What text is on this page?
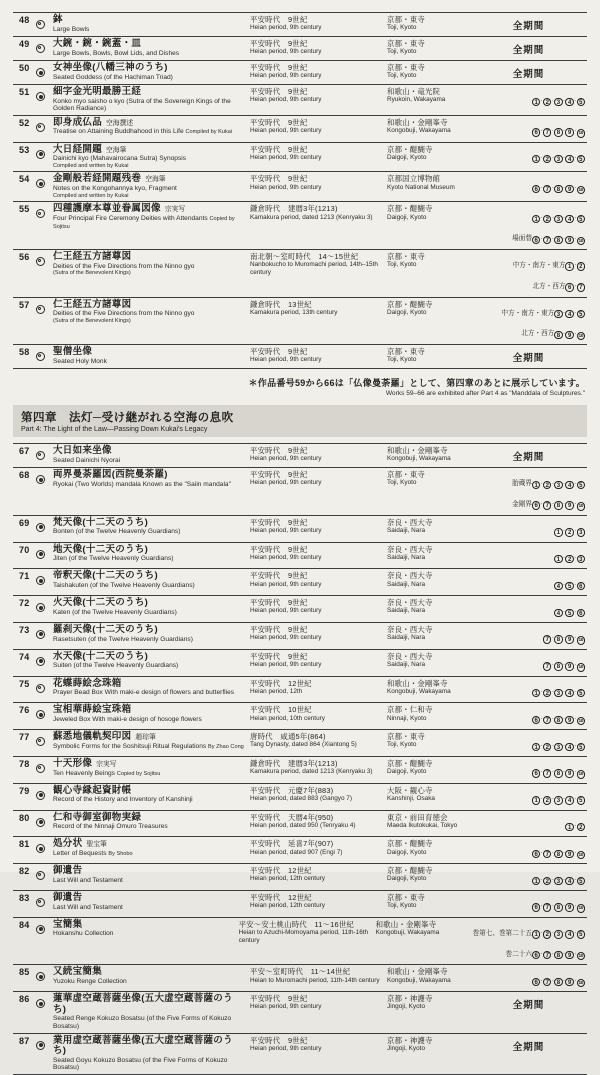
48	鉢
Large Bowls
平安時代　9世紀
Heian period, 9th century
京都・東寺
Toji, Kyoto	全期間
49	大鋺・鋺・鋺蓋・皿
Large Bowls, Bowls, Bowl Lids, and Dishes
平安時代　9世紀
Heian period, 9th century
京都・東寺
Toji, Kyoto	全期間
50	女神坐像(八幡三神のうち)
Seated Goddess (of the Hachiman Triad)
平安時代　9世紀
Heian period, 9th century
京都・東寺
Toji, Kyoto	全期間
51	細字金光明最勝王経
Konko myo saisho o kyo (Sutra of the Sovereign Kings of the Golden Radiance)
平安時代　9世紀
Heian period, 9th century
和歌山・竜光院
Ryukoin, Wakayama	1 · 2 · 3 · 4 · 5
52	即身成仏品 空海撰述
Treatise on Attaining Buddhahood in this Life Compiled by Kukai
平安時代　9世紀
Heian period, 9th century
和歌山・金剛峯寺
Kongobuji, Wakayama	6 · 7 · 8 · 9 · 10
53	大日経開題 空海筆
Dainichi kyo (Mahavairocana Sutra) Synopsis
Compiled and written by Kukai
平安時代　9世紀
Heian period, 9th century
京都・醍醐寺
Daigoji, Kyoto	1 · 2 · 3 · 4 · 5
54	金剛般若経開題残巻 空海筆
Notes on the Kongohannya kyo, Fragment
Compiled and written by Kukai
平安時代　9世紀
Heian period, 9th century
京都国立博物館
Kyoto National Museum	6 · 7 · 8 · 9 · 10
55	四種護摩本尊並眷属図像 宗実写
Four Principal Fire Ceremony Deities with Attendants Copied by Sojitsu
鎌倉時代　建暦3年(1213)
Kamakura period, dated 1213 (Kenryaku 3)
京都・醍醐寺
Daigoji, Kyoto	1 · 2 · 3 · 4 · 5
場面替 6 · 7 · 8 · 9 · 10
56	仁王経五方諸尊図
Deities of the Five Directions from the Ninno gyo
(Sutra of the Benevolent Kings)
南北朝～室町時代　14～15世紀
Nanbokucho to Muromachi period, 14th–15th century
京都・東寺
Toji, Kyoto	中方・南方・東方 1 · 2
北方・西方 6 · 7
57	仁王経五方諸尊図
Deities of the Five Directions from the Ninno gyo
(Sutra of the Benevolent Kings)
鎌倉時代　13世紀
Kamakura period, 13th century
京都・醍醐寺
Daigoji, Kyoto	中方・南方・東方 3 · 4 · 5
北方・西方 8 · 9 · 10
58	聖僧坐像
Seated Holy Monk
平安時代　9世紀
Heian period, 9th century
京都・東寺
Toji, Kyoto	全期間
＊作品番号59から66は「仏像曼荼羅」として、第四章のあとに展示しています。
Works 59–66 are exhibited after Part 4 as "Manddala of Sculptures."
第四章　法灯─受け継がれる空海の息吹
Part 4: The Light of the Law—Passing Down Kukai's Legacy
67	大日如来坐像
Seated Dainichi Nyorai
平安時代　9世紀
Heian period, 9th century
和歌山・金剛峯寺
Kongobuji, Wakayama	全期間
68	両界曼荼羅図(西院曼荼羅)
Ryokai (Two Worlds) mandala Known as the "Saiin mandala"
平安時代　9世紀
Heian period, 9th century
京都・東寺
Toji, Kyoto	胎蔵界 1 · 2 · 3 · 4 · 5
金剛界 6 · 7 · 8 · 9 · 10
69	梵天像(十二天のうち)
Bonten (of the Twelve Heavenly Guardians)
平安時代　9世紀
Heian period, 9th century
奈良・西大寺
Saidaiji, Nara	1 · 2 · 3
70	地天像(十二天のうち)
Jiten (of the Twelve Heavenly Guardians)
平安時代　9世紀
Heian period, 9th century
奈良・西大寺
Saidaiji, Nara	1 · 2 · 3
71	帝釈天像(十二天のうち)
Taishakuten (of the Twelve Heavenly Guardians)
平安時代　9世紀
Heian period, 9th century
奈良・西大寺
Saidaiji, Nara	4 · 5 · 6
72	火天像(十二天のうち)
Katen (of the Twelve Heavenly Guardians)
平安時代　9世紀
Heian period, 9th century
奈良・西大寺
Saidaiji, Nara	4 · 5 · 6
73	羅刹天像(十二天のうち)
Rasetsuten (of the Twelve Heavenly Guardians)
平安時代　9世紀
Heian period, 9th century
奈良・西大寺
Saidaiji, Nara	7 · 8 · 9 · 10
74	水天像(十二天のうち)
Suiten (of the Twelve Heavenly Guardians)
平安時代　9世紀
Heian period, 9th century
奈良・西大寺
Saidaiji, Nara	7 · 8 · 9 · 10
75	花蝶蒔絵念珠箱
Prayer Bead Box With maki-e design of flowers and butterflies
平安時代　12世紀
Heian period, 12th
和歌山・金剛峯寺
Kongobuji, Wakayama	1 · 2 · 3 · 4 · 5
76	宝相華蒔絵宝珠箱
Jeweled Box With maki-e design of hosoge flowers
平安時代　10世紀
Heian period, 10th century
京都・仁和寺
Ninnaji, Kyoto	6 · 7 · 8 · 9 · 10
77	蘇悉地儀軌契印図 趙琮筆
Symbolic Forms for the Soshitsuji Ritual Regulations By Zhao Cong
唐時代　咸通5年(864)
Tang Dynasty, dated 864 (Xiantong 5)
京都・東寺
Toji, Kyoto	1 · 2 · 3 · 4 · 5
78	十天形像 宗実写
Ten Heavenly Beings Copied by Sojitsu
鎌倉時代　建暦3年(1213)
Kamakura period, dated 1213 (Kenryaku 3)
京都・醍醐寺
Daigoji, Kyoto	6 · 7 · 8 · 9 · 10
79	観心寺縁起資財帳
Record of the History and Inventory of Kanshinji
平安時代　元慶7年(883)
Heian period, dated 883 (Gangyo 7)
大阪・観心寺
Kanshinji, Osaka	1 · 2 · 3 · 4 · 5
80	仁和寺御室御物実録
Record of the Ninnaji Omuro Treasures
平安時代　天暦4年(950)
Heian period, dated 950 (Tenryaku 4)
東京・前田育徳会
Maeda Ikutokukai, Tokyo	1 · 2
81	処分状 聖宝筆
Letter of Bequests By Shobo
平安時代　延喜7年(907)
Heian period, dated 907 (Engi 7)
京都・醍醐寺
Daigoji, Kyoto	6 · 7 · 8 · 9 · 10
82	御遺告
Last Will and Testament
平安時代　12世紀
Heian period, 12th century
京都・醍醐寺
Daigoji, Kyoto	1 · 2 · 3 · 4 · 5
83	御遺告
Last Will and Testament
平安時代　12世紀
Heian period, 12th century
京都・東寺
Toji, Kyoto	6 · 7 · 8 · 9 · 10
84	宝簡集
Hokanshu Collection
平安～安土桃山時代　11～16世紀
Heian to Azuchi-Momoyama period, 11th-16th century
和歌山・金剛峯寺
Kongobuji, Wakayama	巻第七、巻第二十五 1 · 2 · 3 · 4 · 5
巻二十六 6 · 7 · 8 · 9 · 10
85	又続宝簡集
Yuzoku Renge Collection
平安～室町時代　11～14世紀
Heian to Muromachi period, 11th-14th century
和歌山・金剛峯寺
Kongobuji, Wakayama	6 · 7 · 8 · 9 · 10
86	蓮華虚空蔵菩薩坐像(五大虚空蔵菩薩のうち)
Seated Renge Kokuzo Bosatsu (of the Five Forms of Kokuzo Bosatsu)
平安時代　9世紀
Heian period, 9th century
京都・神護寺
Jingoji, Kyoto	全期間
87	業用虚空蔵菩薩坐像(五大虚空蔵菩薩のうち)
Seated Goyu Kokuzo Bosatsu (of the Five Forms of Kokuzo Bosatsu)
平安時代　9世紀
Heian period, 9th century
京都・神護寺
Jingoji, Kyoto	全期間
